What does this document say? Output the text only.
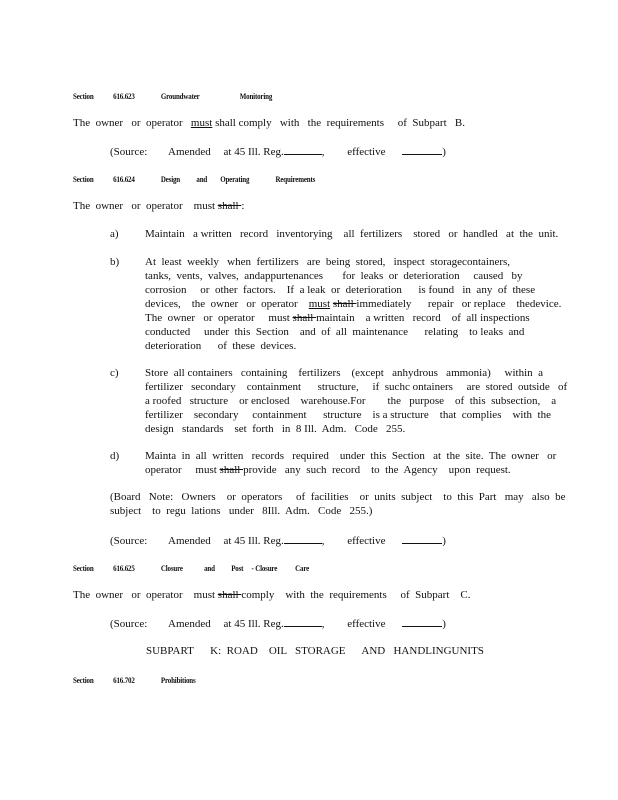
Section 616.623	Groundwater	Monitoring
The  owner   or  operator   must shall comply   with   the  requirements     of  Subpart   B.
(Source: Amended at 45 Ill. Reg.	, effective	)
Section 616.624	Design and Operating	Requirements
The  owner   or  operator    must shall :
a) Maintain   a written   record   inventorying    all  fertilizers    stored   or  handled   at  the  unit.
b) At  least  weekly   when  fertilizers   are  being  stored,   inspect  storagecontainers,
tanks,  vents,  valves,  andappurtenances       for  leaks  or  deterioration     caused   by
corrosion     or  other  factors.    If  a leak  or  deterioration      is found   in  any  of  these
devices,    the  owner   or  operator    must shall immediately      repair   or replace    thedevice.
The  owner   or  operator     must shall maintain    a written   record    of  all inspections
conducted     under  this  Section    and  of  all  maintenance      relating    to leaks  and
deterioration      of  these  devices.
c) Store  all containers   containing    fertilizers    (except   anhydrous   ammonia)     within  a
fertilizer   secondary    containment      structure,     if  suchc ontainers     are  stored  outside   of
a roofed   structure    or enclosed    warehouse.For        the   purpose    of  this  subsection,    a
fertilizer    secondary     containment      structure    is a structure    that  complies    with  the
design   standards    set  forth   in  8 Ill.  Adm.   Code   255.
d) Mainta  in  all  written   records   required    under  this  Section   at  the  site.  The  owner   or
operator     must shall provide   any  such  record    to  the  Agency    upon  request.
(Board   Note:   Owners    or  operators     of  facilities    or  units  subject    to  this  Part   may   also  be
subject    to  regu  lations   under   8Ill.  Adm.   Code   255.)
(Source: Amended at 45 Ill. Reg.	, effective	)
Section 616.625	Closure	and Post - Closure Care
The  owner   or  operator    must shall comply    with  the  requirements     of  Subpart    C.
(Source: Amended at 45 Ill. Reg.	, effective	)
SUBPART      K:  ROAD    OIL   STORAGE      AND   HANDLINGUNITS
Section 616.702	Prohibitions
